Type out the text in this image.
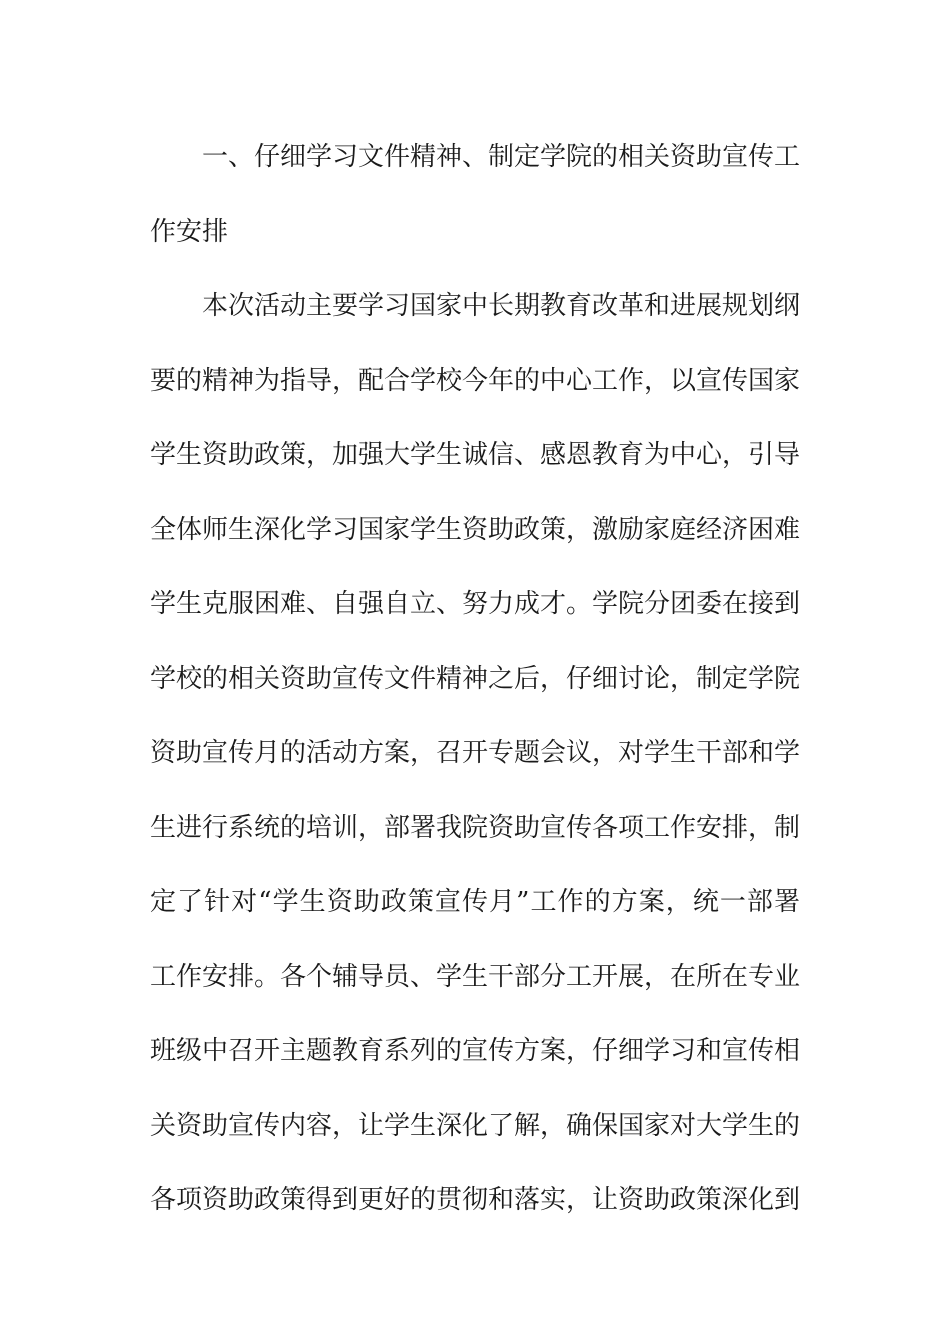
一、仔细学习文件精神、制定学院的相关资助宣传工作安排

本次活动主要学习国家中长期教育改革和进展规划纲要的精神为指导，配合学校今年的中心工作，以宣传国家学生资助政策，加强大学生诚信、感恩教育为中心，引导全体师生深化学习国家学生资助政策，激励家庭经济困难学生克服困难、自强自立、努力成才。学院分团委在接到学校的相关资助宣传文件精神之后，仔细讨论，制定学院资助宣传月的活动方案，召开专题会议，对学生干部和学生进行系统的培训，部署我院资助宣传各项工作安排，制定了针对“学生资助政策宣传月”工作的方案，统一部署工作安排。各个辅导员、学生干部分工开展，在所在专业班级中召开主题教育系列的宣传方案，仔细学习和宣传相关资助宣传内容，让学生深化了解，确保国家对大学生的各项资助政策得到更好的贯彻和落实，让资助政策深化到
